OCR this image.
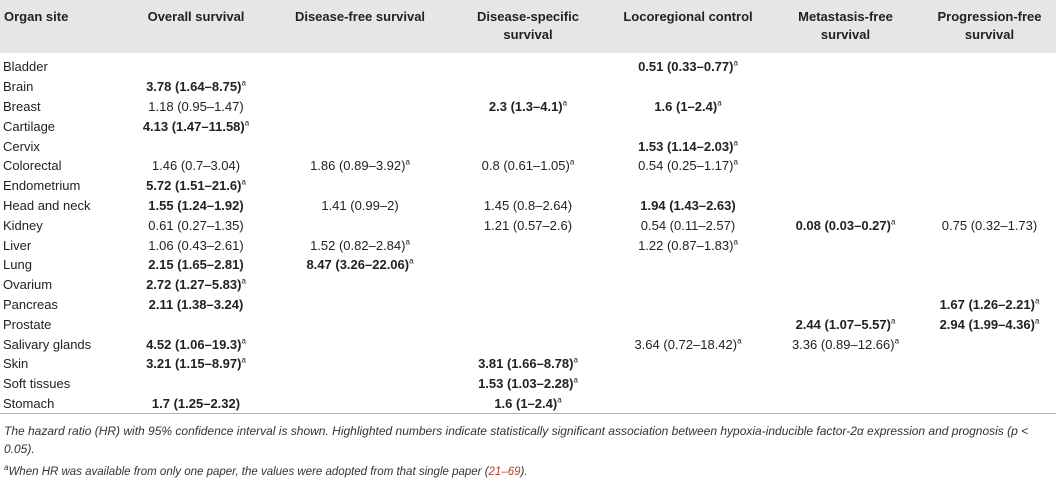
Organ site	Overall survival	Disease-free survival	Disease-specific survival	Locoregional control	Metastasis-free survival	Progression-free survival
Bladder				0.51 $(0.33-0.77)^a$		
Brain	3.78 $(1.64-8.75)^a$					
Breast	1.18 (0.95–1.47)		2.3 $(1.3-4.1)^a$	1.6 $(1-2.4)^a$		
Cartilage	4.13 $(1.47-11.58)^a$					
Cervix				1.53 $(1.14-2.03)^a$		
Colorectal	1.46 (0.7–3.04)	1.86 $(0.89-3.92)^a$	0.8 $(0.61-1.05)^a$	0.54 $(0.25-1.17)^a$		
Endometrium	5.72 $(1.51-21.6)^a$					
Head and neck	1.55 (1.24–1.92)	1.41 (0.99–2)	1.45 (0.8–2.64)	1.94 (1.43–2.63)		
Kidney	0.61 (0.27–1.35)		1.21 (0.57–2.6)	0.54 (0.11–2.57)	0.08 $(0.03-0.27)^a$	0.75 (0.32–1.73)
Liver	1.06 (0.43–2.61)	1.52 $(0.82-2.84)^a$		1.22 $(0.87-1.83)^a$		
Lung	2.15 (1.65–2.81)	8.47 $(3.26-22.06)^a$				
Ovarium	2.72 $(1.27-5.83)^a$					
Pancreas	2.11 (1.38–3.24)					1.67 $(1.26-2.21)^a$
Prostate					2.44 $(1.07-5.57)^a$	2.94 $(1.99-4.36)^a$
Salivary glands	4.52 $(1.06-19.3)^a$			3.64 $(0.72-18.42)^a$	3.36 $(0.89-12.66)^a$	
Skin	3.21 $(1.15-8.97)^a$		3.81 $(1.66-8.78)^a$			
Soft tissues			1.53 $(1.03-2.28)^a$			
Stomach	1.7 (1.25–2.32)		1.6 $(1-2.4)^a$			
The hazard ratio (HR) with 95% confidence interval is shown. Highlighted numbers indicate statistically significant association between hypoxia-inducible factor-2α expression and prognosis (p < 0.05).
$^a$When HR was available from only one paper, the values were adopted from that single paper (21–69).
